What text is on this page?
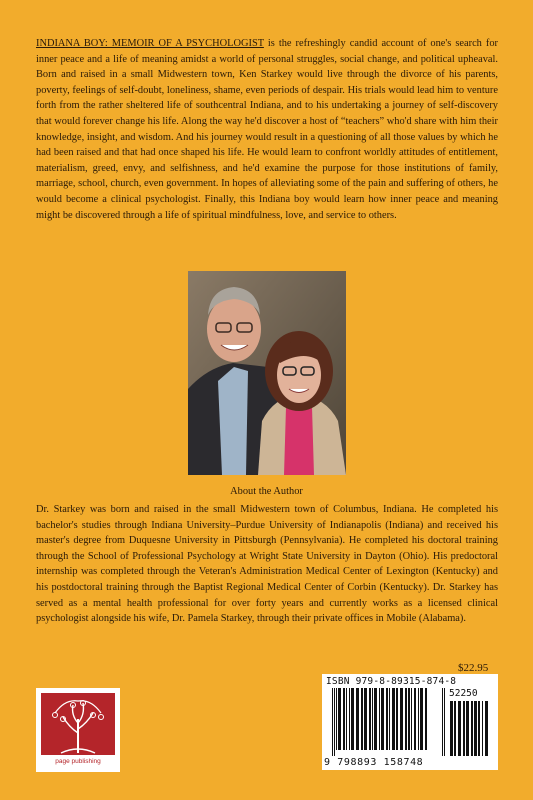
INDIANA BOY: MEMOIR OF A PSYCHOLOGIST is the refreshingly candid account of one's search for inner peace and a life of meaning amidst a world of personal struggles, social change, and political upheaval. Born and raised in a small Midwestern town, Ken Starkey would live through the divorce of his parents, poverty, feelings of self-doubt, loneliness, shame, even periods of despair. His trials would lead him to venture forth from the rather sheltered life of southcentral Indiana, and to his undertaking a journey of self-discovery that would forever change his life. Along the way he'd discover a host of “teachers” who'd share with him their knowledge, insight, and wisdom. And his journey would result in a questioning of all those values by which he had been raised and that had once shaped his life. He would learn to confront worldly attitudes of entitlement, materialism, greed, envy, and selfishness, and he'd examine the purpose for those institutions of family, marriage, school, church, even government. In hopes of alleviating some of the pain and suffering of others, he would become a clinical psychologist. Finally, this Indiana boy would learn how inner peace and meaning might be discovered through a life of spiritual mindfulness, love, and service to others.

About the Author

Dr. Starkey was born and raised in the small Midwestern town of Columbus, Indiana. He completed his bachelor's studies through Indiana University–Purdue University of Indianapolis (Indiana) and received his master's degree from Duquesne University in Pittsburgh (Pennsylvania). He completed his doctoral training through the School of Professional Psychology at Wright State University in Dayton (Ohio). His predoctoral internship was completed through the Veteran's Administration Medical Center of Lexington (Kentucky) and his postdoctoral training through the Baptist Regional Medical Center of Corbin (Kentucky). Dr. Starkey has served as a mental health professional for over forty years and currently works as a licensed clinical psychologist alongside his wife, Dr. Pamela Starkey, through their private offices in Mobile (Alabama).

$22.95
ISBN 979-8-89315-874-8
52250
9 798893 158748
page publishing
